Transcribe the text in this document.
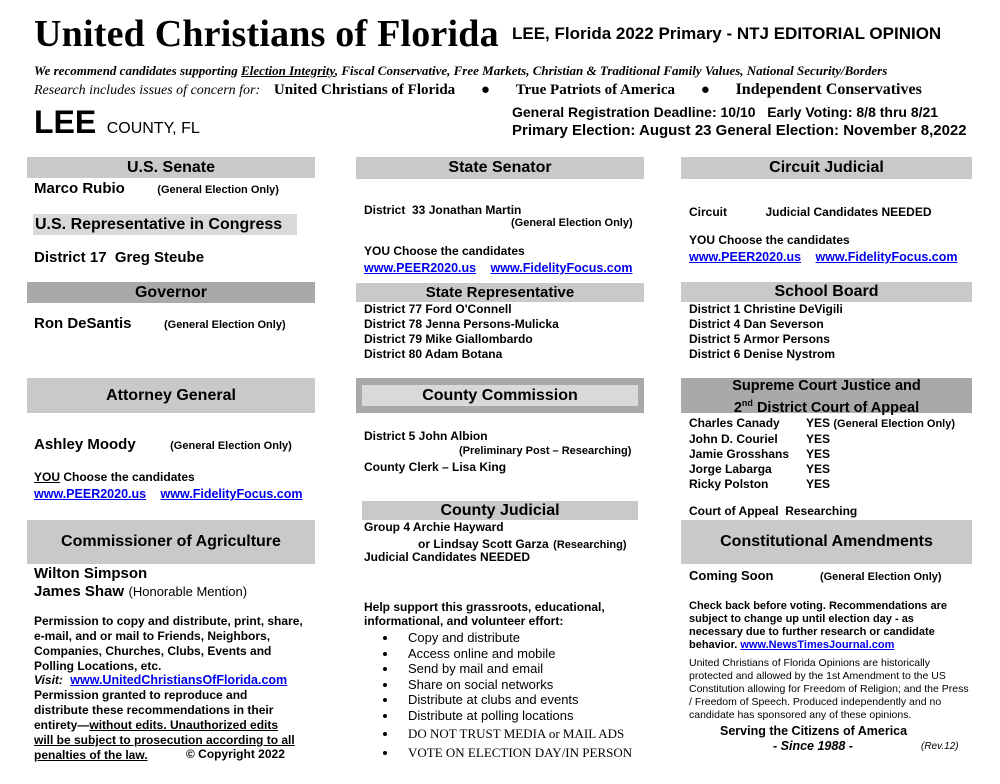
United Christians of Florida LEE, Florida 2022 Primary - NTJ EDITORIAL OPINION
We recommend candidates supporting Election Integrity, Fiscal Conservative, Free Markets, Christian & Traditional Family Values, National Security/Borders
Research includes issues of concern for: United Christians of Florida ● True Patriots of America ● Independent Conservatives
LEE COUNTY, FL
General Registration Deadline: 10/10   Early Voting: 8/8 thru 8/21
Primary Election: August 23 General Election: November 8,2022
U.S. Senate
Marco Rubio	(General Election Only)
U.S. Representative in Congress
District 17  Greg Steube
Governor
Ron DeSantis	(General Election Only)
Attorney General
Ashley Moody	(General Election Only)
YOU Choose the candidates
www.PEER2020.us www.FidelityFocus.com
Commissioner of Agriculture
Wilton Simpson
James Shaw (Honorable Mention)
Permission to copy and distribute, print, share, e-mail, and or mail to Friends, Neighbors, Companies, Churches, Clubs, Events and Polling Locations, etc.
Visit: www.UnitedChristiansOfFlorida.com
Permission granted to reproduce and distribute these recommendations in their entirety—without edits. Unauthorized edits will be subject to prosecution according to all penalties of the law.	© Copyright 2022
State Senator
District  33 Jonathan Martin
(General Election Only)
YOU Choose the candidates
www.PEER2020.us www.FidelityFocus.com
State Representative
District 77 Ford O'Connell
District 78 Jenna Persons-Mulicka
District 79 Mike Giallombardo
District 80 Adam Botana
County Commission
District 5 John Albion
(Preliminary Post – Researching)
County Clerk – Lisa King
County Judicial
Group 4 Archie Hayward
or Lindsay Scott Garza (Researching)
Judicial Candidates NEEDED
Help support this grassroots, educational, informational, and volunteer effort:
• Copy and distribute
• Access online and mobile
• Send by mail and email
• Share on social networks
• Distribute at clubs and events
• Distribute at polling locations
• DO NOT TRUST MEDIA or MAIL ADS
• VOTE ON ELECTION DAY/IN PERSON
Circuit Judicial
Circuit	Judicial Candidates NEEDED
YOU Choose the candidates
www.PEER2020.us www.FidelityFocus.com
School Board
District 1 Christine DeVigili
District 4 Dan Severson
District 5 Armor Persons
District 6 Denise Nystrom
Supreme Court Justice and
2nd District Court of Appeal
Charles Canady YES (General Election Only)
John D. Couriel YES
Jamie Grosshans YES
Jorge Labarga	YES
Ricky Polston	YES
Court of Appeal  Researching
Constitutional Amendments
Coming Soon	(General Election Only)
Check back before voting. Recommendations are subject to change up until election day - as necessary due to further research or candidate behavior. www.NewsTimesJournal.com
United Christians of Florida Opinions are historically protected and allowed by the 1st Amendment to the US Constitution allowing for Freedom of Religion; and the Press / Freedom of Speech. Produced independently and no candidate has sponsored any of these opinions.
Serving the Citizens of America
- Since 1988 -	(Rev.12)
